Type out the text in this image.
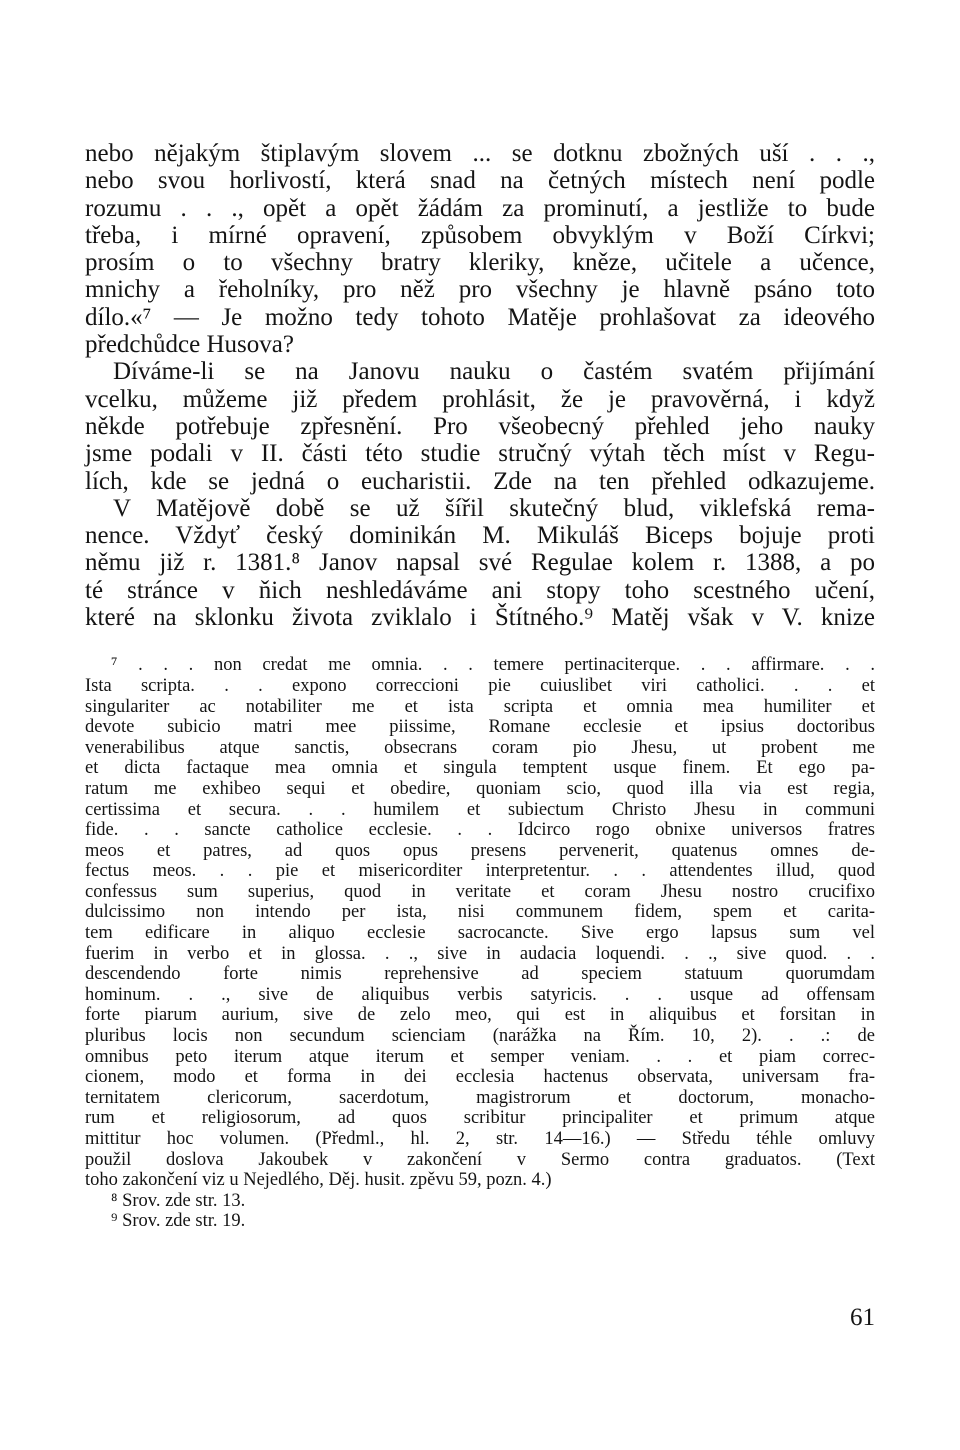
nebo nějakým štiplavým slovem ... se dotknu zbožných uší . . .,
nebo svou horlivostí, která snad na četných místech není podle
rozumu . . ., opět a opět žádám za prominutí, a jestliže to bude
třeba, i mírné opravení, způsobem obvyklým v Boží Církvi;
prosím o to všechny bratry kleriky, kněze, učitele a učence,
mnichy a řeholníky, pro něž pro všechny je hlavně psáno toto
dílo.«⁷ — Je možno tedy tohoto Matěje prohlašovat za ideového
předchůdce Husova?
Díváme-li se na Janovu nauku o častém svatém přijímání
vcelku, můžeme již předem prohlásit, že je pravověrná, i když
někde potřebuje zpřesnění. Pro všeobecný přehled jeho nauky
jsme podali v II. části této studie stručný výtah těch míst v Regu-
lích, kde se jedná o eucharistii. Zde na ten přehled odkazujeme.
V Matějově době se už šířil skutečný blud, viklefská rema-
nence. Vždyť český dominikán M. Mikuláš Biceps bojuje proti
němu již r. 1381.⁸ Janov napsal své Regulae kolem r. 1388, a po
té stránce v ňich neshledáváme ani stopy toho scestného učení,
které na sklonku života zviklalo i Štítného.⁹ Matěj však v V. knize
⁷ . . . non credat me omnia. . . temere pertinaciterque. . . affirmare. . .
Ista scripta. . . expono correccioni pie cuiuslibet viri catholici. . . et
singulariter ac notabiliter me et ista scripta et omnia mea humiliter et
devote subicio matri mee piissime, Romane ecclesie et ipsius doctoribus
venerabilibus atque sanctis, obsecrans coram pio Jhesu, ut probent me
et dicta factaque mea omnia et singula temptent usque finem. Et ego pa-
ratum me exhibeo sequi et obedire, quoniam scio, quod illa via est regia,
certissima et secura. . . humilem et subiectum Christo Jhesu in communi
fide. . . sancte catholice ecclesie. . . Idcirco rogo obnixe universos fratres
meos et patres, ad quos opus presens pervenerit, quatenus omnes de-
fectus meos. . . pie et misericorditer interpretentur. . . attendentes illud, quod
confessus sum superius, quod in veritate et coram Jhesu nostro crucifixo
dulcissimo non intendo per ista, nisi communem fidem, spem et carita-
tem edificare in aliquo ecclesie sacrocancte. Sive ergo lapsus sum vel
fuerim in verbo et in glossa. . ., sive in audacia loquendi. . ., sive quod. . .
descendendo forte nimis reprehensive ad speciem statuum quorumdam
hominum. . ., sive de aliquibus verbis satyricis. . . usque ad offensam
forte piarum aurium, sive de zelo meo, qui est in aliquibus et forsitan in
pluribus locis non secundum scienciam (narážka na Řím. 10, 2). . .: de
omnibus peto iterum atque iterum et semper veniam. . . et piam correc-
cionem, modo et forma in dei ecclesia hactenus observata, universam fra-
ternitatem clericorum, sacerdotum, magistrorum et doctorum, monacho-
rum et religiosorum, ad quos scribitur principaliter et primum atque
mittitur hoc volumen. (Předml., hl. 2, str. 14—16.) — Středu téhle omluvy
použil doslova Jakoubek v zakončení v Sermo contra graduatos. (Text
toho zakončení viz u Nejedlého, Děj. husit. zpěvu 59, pozn. 4.)
⁸ Srov. zde str. 13.
⁹ Srov. zde str. 19.
61
